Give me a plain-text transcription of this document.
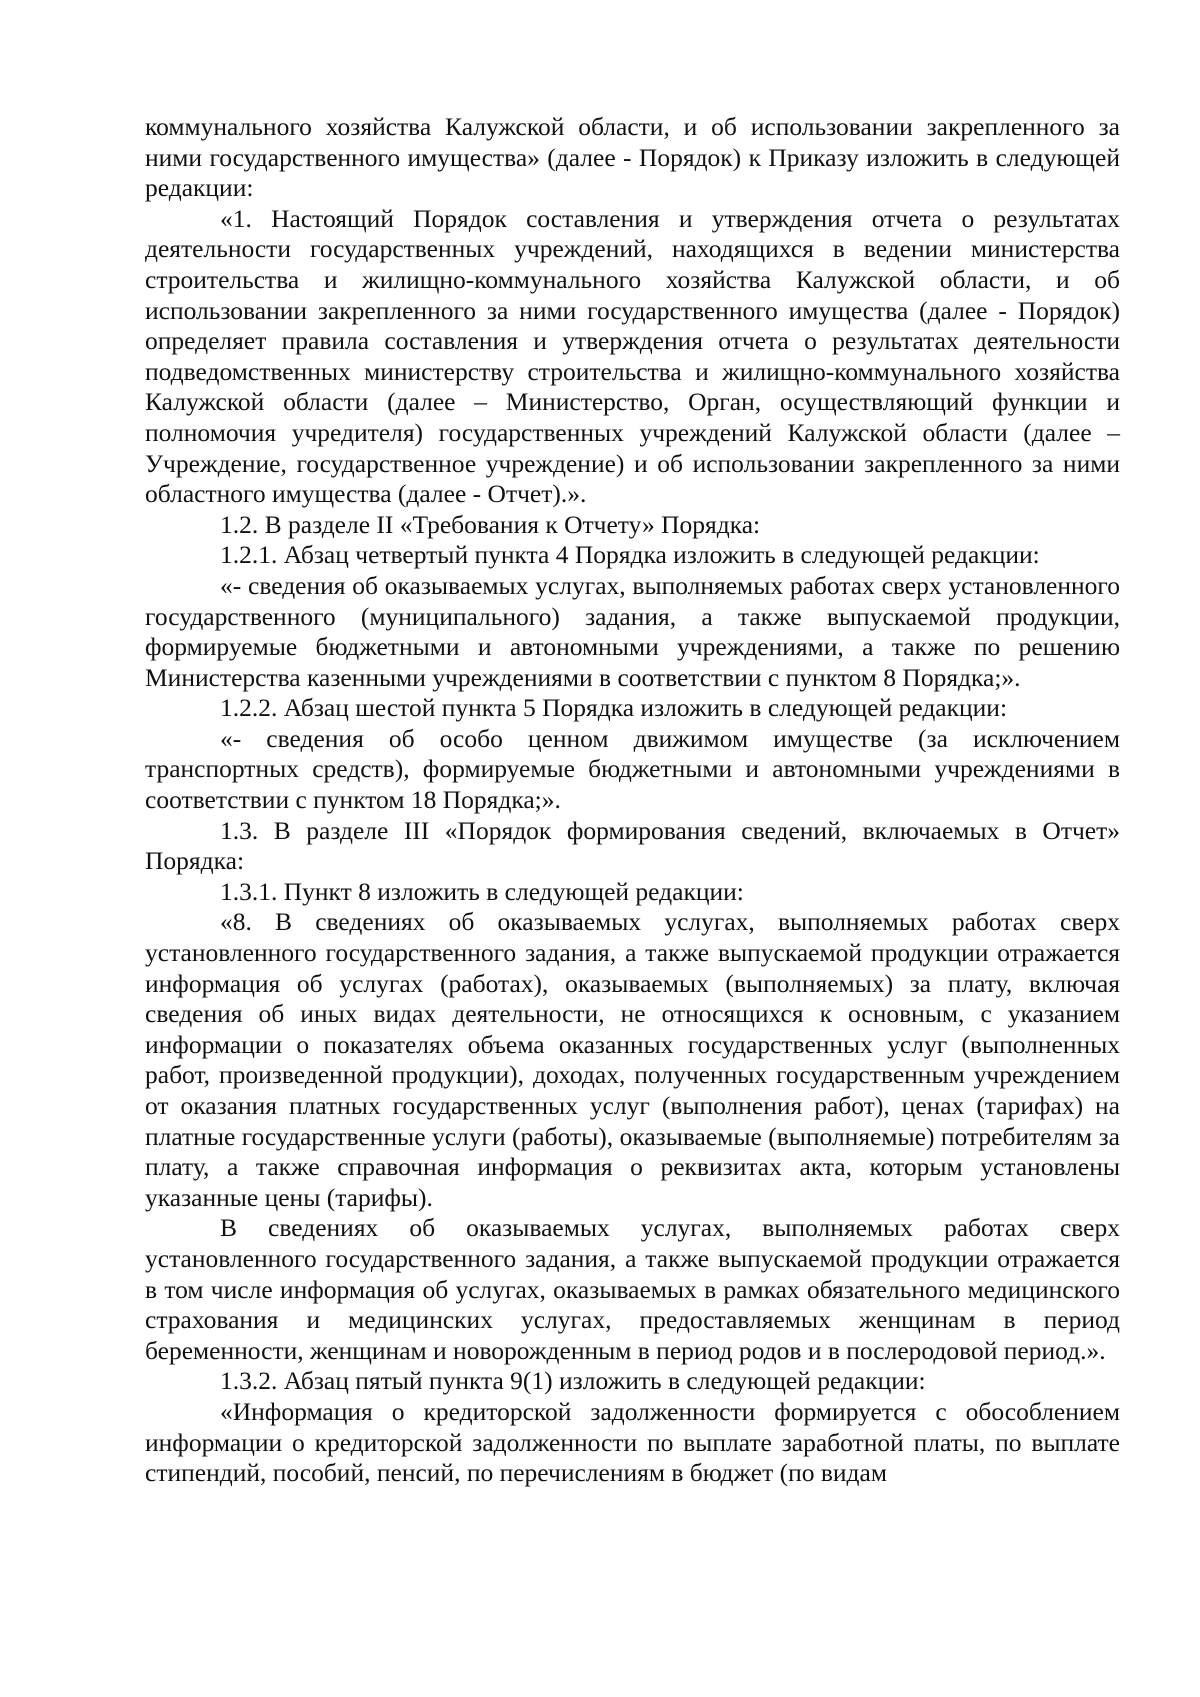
коммунального хозяйства Калужской области, и об использовании закрепленного за ними государственного имущества» (далее - Порядок) к Приказу изложить в следующей редакции:

«1. Настоящий Порядок составления и утверждения отчета о результатах деятельности государственных учреждений, находящихся в ведении министерства строительства и жилищно-коммунального хозяйства Калужской области, и об использовании закрепленного за ними государственного имущества (далее - Порядок) определяет правила составления и утверждения отчета о результатах деятельности подведомственных министерству строительства и жилищно-коммунального хозяйства Калужской области (далее – Министерство, Орган, осуществляющий функции и полномочия учредителя) государственных учреждений Калужской области (далее – Учреждение, государственное учреждение) и об использовании закрепленного за ними областного имущества (далее - Отчет).».

1.2. В разделе II «Требования к Отчету» Порядка:

1.2.1. Абзац четвертый пункта 4 Порядка изложить в следующей редакции:

«- сведения об оказываемых услугах, выполняемых работах сверх установленного государственного (муниципального) задания, а также выпускаемой продукции, формируемые бюджетными и автономными учреждениями, а также по решению Министерства казенными учреждениями в соответствии с пунктом 8 Порядка;».

1.2.2. Абзац шестой пункта 5 Порядка изложить в следующей редакции:

«- сведения об особо ценном движимом имуществе (за исключением транспортных средств), формируемые бюджетными и автономными учреждениями в соответствии с пунктом 18 Порядка;».

1.3. В разделе III «Порядок формирования сведений, включаемых в Отчет» Порядка:

1.3.1. Пункт 8 изложить в следующей редакции:

«8. В сведениях об оказываемых услугах, выполняемых работах сверх установленного государственного задания, а также выпускаемой продукции отражается информация об услугах (работах), оказываемых (выполняемых) за плату, включая сведения об иных видах деятельности, не относящихся к основным, с указанием информации о показателях объема оказанных государственных услуг (выполненных работ, произведенной продукции), доходах, полученных государственным учреждением от оказания платных государственных услуг (выполнения работ), ценах (тарифах) на платные государственные услуги (работы), оказываемые (выполняемые) потребителям за плату, а также справочная информация о реквизитах акта, которым установлены указанные цены (тарифы).

В сведениях об оказываемых услугах, выполняемых работах сверх установленного государственного задания, а также выпускаемой продукции отражается в том числе информация об услугах, оказываемых в рамках обязательного медицинского страхования и медицинских услугах, предоставляемых женщинам в период беременности, женщинам и новорожденным в период родов и в послеродовой период.».

1.3.2. Абзац пятый пункта 9(1) изложить в следующей редакции:

«Информация о кредиторской задолженности формируется с обособлением информации о кредиторской задолженности по выплате заработной платы, по выплате стипендий, пособий, пенсий, по перечислениям в бюджет (по видам
